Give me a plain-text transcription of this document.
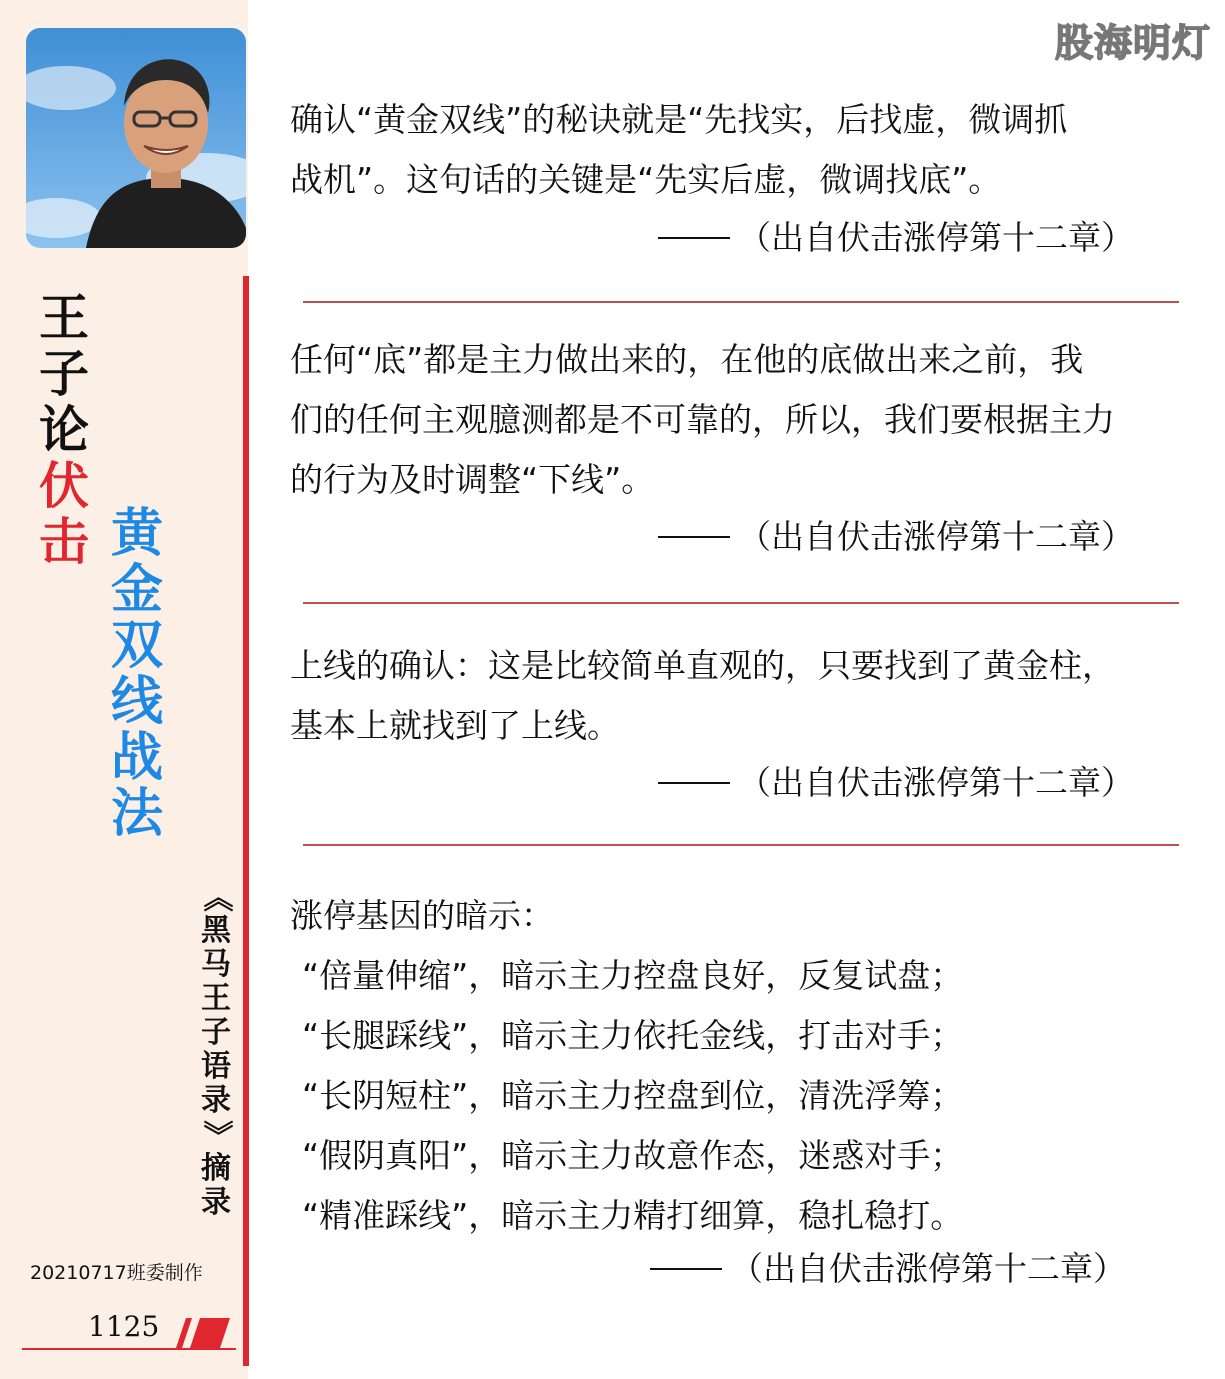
王
子
论
伏
击 黄
金
双
线
战
法
《
黑
马
王
子
语
录
》
摘
录
20210717班委制作
1125
股海明灯

确认“黄金双线”的秘诀就是“先找实，后找虚，微调抓

战机”。这句话的关键是“先实后虚，微调找底”。

（出自伏击涨停第十二章）

任何“底”都是主力做出来的，在他的底做出来之前，我

们的任何主观臆测都是不可靠的，所以，我们要根据主力

的行为及时调整“下线”。

（出自伏击涨停第十二章）

上线的确认：这是比较简单直观的，只要找到了黄金柱，

基本上就找到了上线。

（出自伏击涨停第十二章）

涨停基因的暗示：

“倍量伸缩”，暗示主力控盘良好，反复试盘；

“长腿踩线”，暗示主力依托金线，打击对手；

“长阴短柱”，暗示主力控盘到位，清洗浮筹；

“假阴真阳”，暗示主力故意作态，迷惑对手；

“精准踩线”，暗示主力精打细算，稳扎稳打。

（出自伏击涨停第十二章）
